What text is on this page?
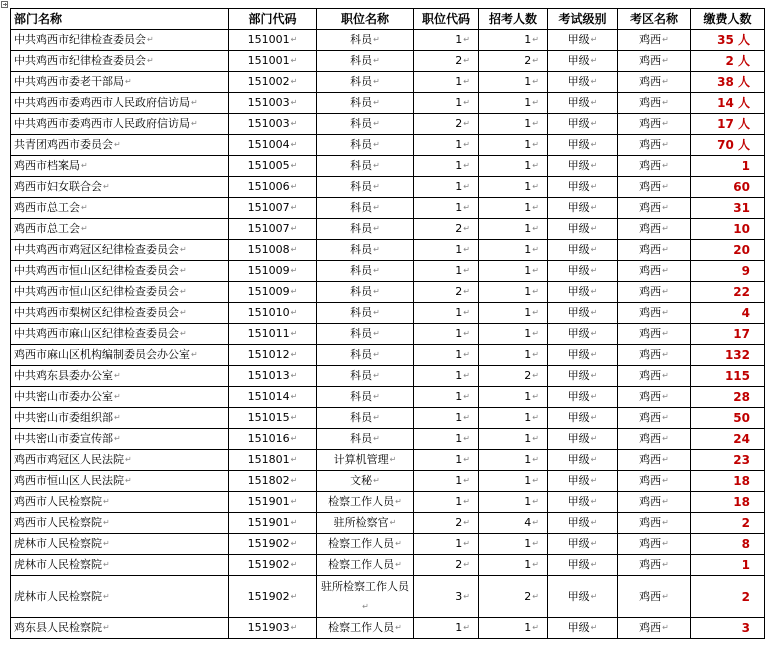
部门名称	部门代码	职位名称	职位代码	招考人数	考试级别	考区名称	缴费人数
中共鸡西市纪律检查委员会↵	151001↵	科员↵	1↵	1↵	甲级↵	鸡西↵	35 人
中共鸡西市纪律检查委员会↵	151001↵	科员↵	2↵	2↵	甲级↵	鸡西↵	2 人
中共鸡西市委老干部局↵	151002↵	科员↵	1↵	1↵	甲级↵	鸡西↵	38 人
中共鸡西市委鸡西市人民政府信访局↵	151003↵	科员↵	1↵	1↵	甲级↵	鸡西↵	14 人
中共鸡西市委鸡西市人民政府信访局↵	151003↵	科员↵	2↵	1↵	甲级↵	鸡西↵	17 人
共青团鸡西市委员会↵	151004↵	科员↵	1↵	1↵	甲级↵	鸡西↵	70 人
鸡西市档案局↵	151005↵	科员↵	1↵	1↵	甲级↵	鸡西↵	1
鸡西市妇女联合会↵	151006↵	科员↵	1↵	1↵	甲级↵	鸡西↵	60
鸡西市总工会↵	151007↵	科员↵	1↵	1↵	甲级↵	鸡西↵	31
鸡西市总工会↵	151007↵	科员↵	2↵	1↵	甲级↵	鸡西↵	10
中共鸡西市鸡冠区纪律检查委员会↵	151008↵	科员↵	1↵	1↵	甲级↵	鸡西↵	20
中共鸡西市恒山区纪律检查委员会↵	151009↵	科员↵	1↵	1↵	甲级↵	鸡西↵	9
中共鸡西市恒山区纪律检查委员会↵	151009↵	科员↵	2↵	1↵	甲级↵	鸡西↵	22
中共鸡西市梨树区纪律检查委员会↵	151010↵	科员↵	1↵	1↵	甲级↵	鸡西↵	4
中共鸡西市麻山区纪律检查委员会↵	151011↵	科员↵	1↵	1↵	甲级↵	鸡西↵	17
鸡西市麻山区机构编制委员会办公室↵	151012↵	科员↵	1↵	1↵	甲级↵	鸡西↵	132
中共鸡东县委办公室↵	151013↵	科员↵	1↵	2↵	甲级↵	鸡西↵	115
中共密山市委办公室↵	151014↵	科员↵	1↵	1↵	甲级↵	鸡西↵	28
中共密山市委组织部↵	151015↵	科员↵	1↵	1↵	甲级↵	鸡西↵	50
中共密山市委宣传部↵	151016↵	科员↵	1↵	1↵	甲级↵	鸡西↵	24
鸡西市鸡冠区人民法院↵	151801↵	计算机管理↵	1↵	1↵	甲级↵	鸡西↵	23
鸡西市恒山区人民法院↵	151802↵	文秘↵	1↵	1↵	甲级↵	鸡西↵	18
鸡西市人民检察院↵	151901↵	检察工作人员↵	1↵	1↵	甲级↵	鸡西↵	18
鸡西市人民检察院↵	151901↵	驻所检察官↵	2↵	4↵	甲级↵	鸡西↵	2
虎林市人民检察院↵	151902↵	检察工作人员↵	1↵	1↵	甲级↵	鸡西↵	8
虎林市人民检察院↵	151902↵	检察工作人员↵	2↵	1↵	甲级↵	鸡西↵	1
虎林市人民检察院↵	151902↵	驻所检察工作人员↵	3↵	2↵	甲级↵	鸡西↵	2
鸡东县人民检察院↵	151903↵	检察工作人员↵	1↵	1↵	甲级↵	鸡西↵	3
